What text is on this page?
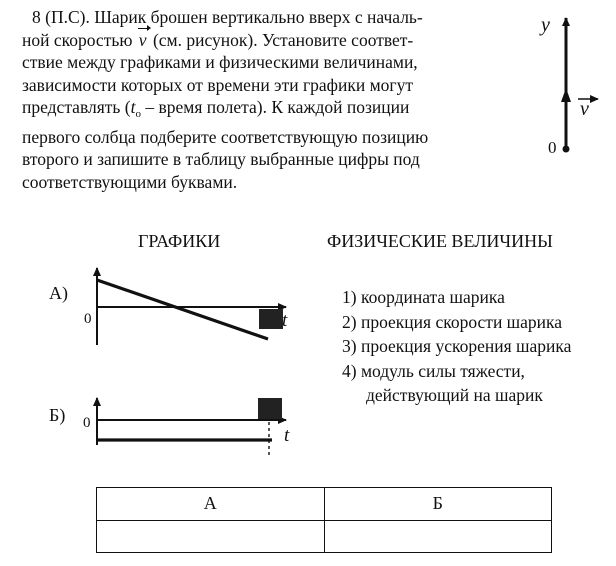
8 (П.С). Шарик брошен вертикально вверх с началь-
ной скоростью v (см. рисунок). Установите соответ-
ствие между графиками и физическими величинами,
зависимости которых от времени эти графики могут
представлять ($t_о$ – время полета). К каждой позиции
первого солбца подберите соответствующую позицию
второго и запишите в таблицу выбранные цифры под
соответствующими буквами.

y
v
0
ГРАФИКИ	ФИЗИЧЕСКИЕ ВЕЛИЧИНЫ
А)
0	t
Б) 0
t
1) координата шарика
2) проекция скорости шарика
3) проекция ускорения шарика
4) модуль силы тяжести,
действующий на шарик
А	Б
